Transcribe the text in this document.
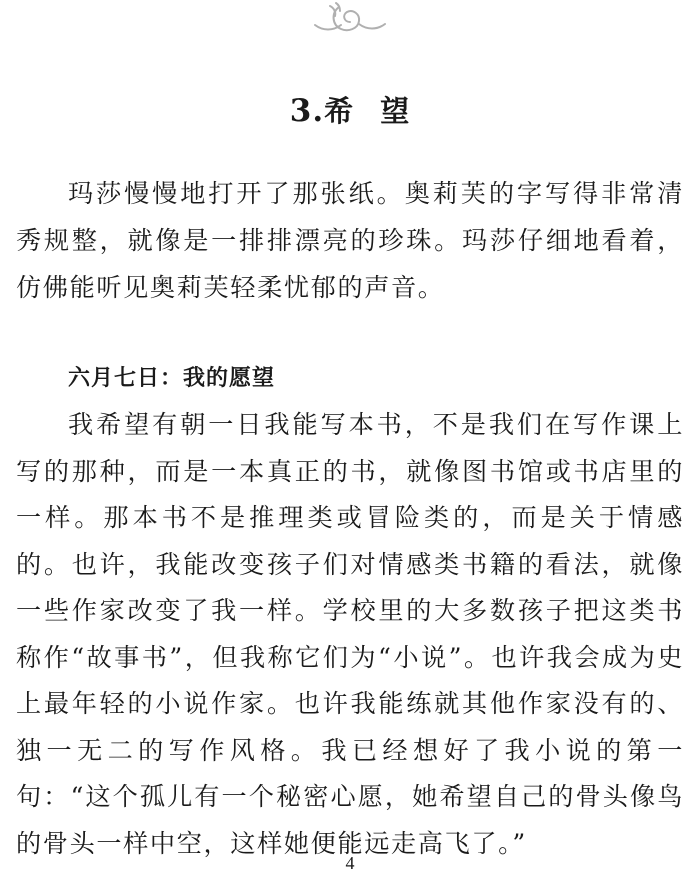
3.希 望

玛莎慢慢地打开了那张纸。奥莉芙的字写得非常清秀规整，就像是一排排漂亮的珍珠。玛莎仔细地看着，仿佛能听见奥莉芙轻柔忧郁的声音。

六月七日：我的愿望

我希望有朝一日我能写本书，不是我们在写作课上写的那种，而是一本真正的书，就像图书馆或书店里的一样。那本书不是推理类或冒险类的，而是关于情感的。也许，我能改变孩子们对情感类书籍的看法，就像一些作家改变了我一样。学校里的大多数孩子把这类书称作“故事书”，但我称它们为“小说”。也许我会成为史上最年轻的小说作家。也许我能练就其他作家没有的、独一无二的写作风格。我已经想好了我小说的第一句：“这个孤儿有一个秘密心愿，她希望自己的骨头像鸟的骨头一样中空，这样她便能远走高飞了。”

4
